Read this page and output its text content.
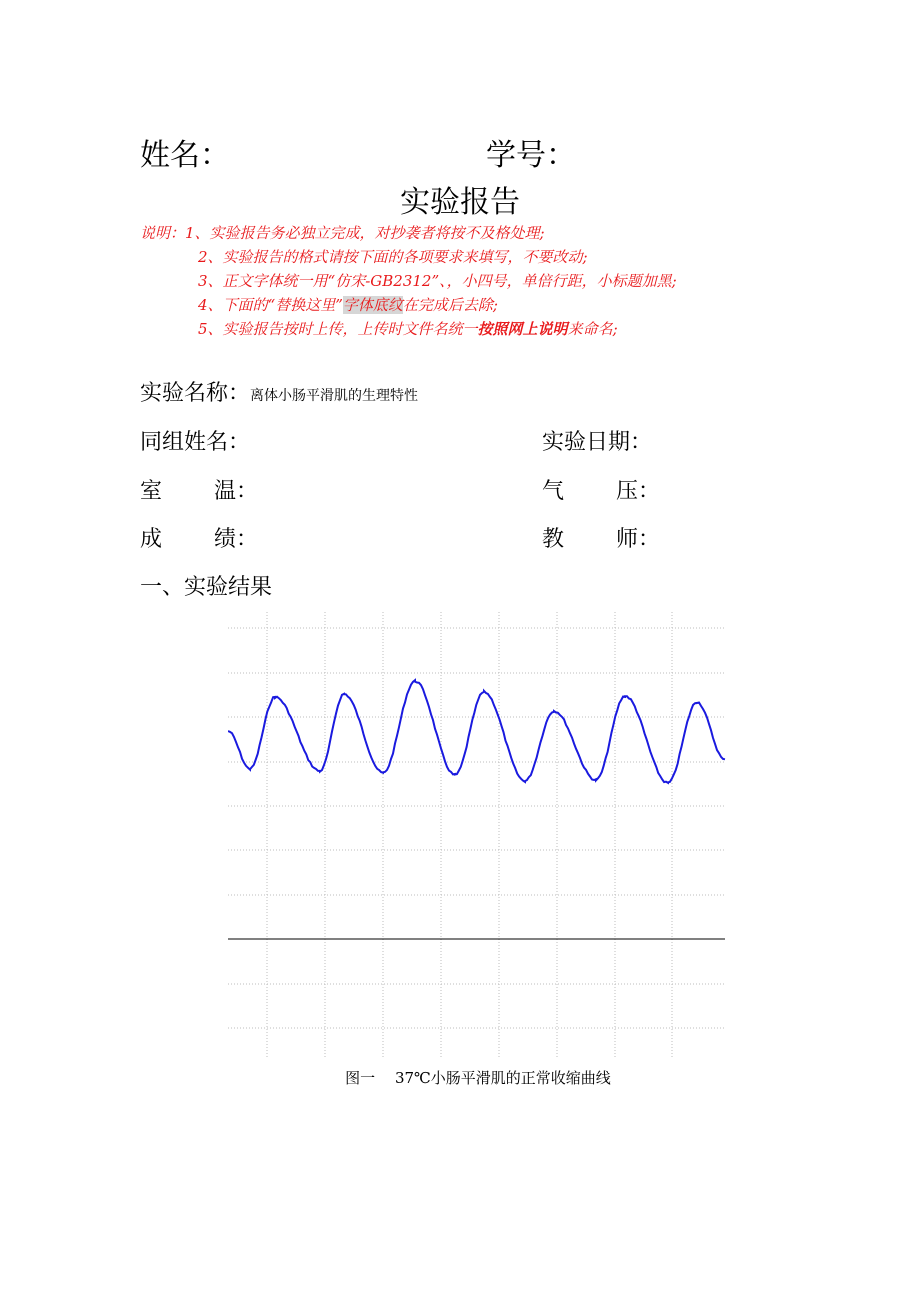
姓名：	学号：
实验报告
说明：1、实验报告务必独立完成，对抄袭者将按不及格处理;
2、实验报告的格式请按下面的各项要求来填写，不要改动;
3、正文字体统一用“仿宋-GB2312”、，小四号，单倍行距，小标题加黑;
4、下面的“替换这里”字体底纹在完成后去除;
5、实验报告按时上传，上传时文件名统一按照网上说明来命名;
实验名称：离体小肠平滑肌的生理特性
同组姓名：	实验日期：
室 温：	气 压：
成 绩：	教 师：
一、实验结果
图一　 37℃小肠平滑肌的正常收缩曲线
